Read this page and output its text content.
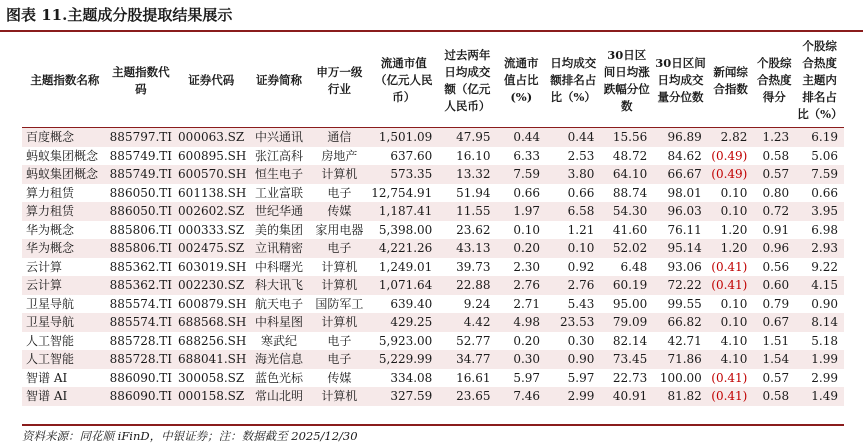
图表 11.主题成分股提取结果展示
主题指数名称	主题指数代码	证券代码	证券简称	申万一级行业	流通市值（亿元人民币）	过去两年日均成交额（亿元人民币）	流通市值占比(%)	日均成交额排名占比（%）	30日区间日均涨跌幅分位数	30日区间日均成交量分位数	新闻综合指数	个股综合热度得分	个股综合热度主题内排名占比（%）
百度概念	885797.TI	000063.SZ	中兴通讯	通信	1,501.09	47.95	0.44	0.44	15.56	96.89	2.82	1.23	6.19
蚂蚁集团概念	885749.TI	600895.SH	张江高科	房地产	637.60	16.10	6.33	2.53	48.72	84.62	(0.49)	0.58	5.06
蚂蚁集团概念	885749.TI	600570.SH	恒生电子	计算机	573.35	13.32	7.59	3.80	64.10	66.67	(0.49)	0.57	7.59
算力租赁	886050.TI	601138.SH	工业富联	电子	12,754.91	51.94	0.66	0.66	88.74	98.01	0.10	0.80	0.66
算力租赁	886050.TI	002602.SZ	世纪华通	传媒	1,187.41	11.55	1.97	6.58	54.30	96.03	0.10	0.72	3.95
华为概念	885806.TI	000333.SZ	美的集团	家用电器	5,398.00	23.62	0.10	1.21	41.60	76.11	1.20	0.91	6.98
华为概念	885806.TI	002475.SZ	立讯精密	电子	4,221.26	43.13	0.20	0.10	52.02	95.14	1.20	0.96	2.93
云计算	885362.TI	603019.SH	中科曙光	计算机	1,249.01	39.73	2.30	0.92	6.48	93.06	(0.41)	0.56	9.22
云计算	885362.TI	002230.SZ	科大讯飞	计算机	1,071.64	22.88	2.76	2.76	60.19	72.22	(0.41)	0.60	4.15
卫星导航	885574.TI	600879.SH	航天电子	国防军工	639.40	9.24	2.71	5.43	95.00	99.55	0.10	0.79	0.90
卫星导航	885574.TI	688568.SH	中科星图	计算机	429.25	4.42	4.98	23.53	79.09	66.82	0.10	0.67	8.14
人工智能	885728.TI	688256.SH	寒武纪	电子	5,923.00	52.77	0.20	0.30	82.14	42.71	4.10	1.51	5.18
人工智能	885728.TI	688041.SH	海光信息	电子	5,229.99	34.77	0.30	0.90	73.45	71.86	4.10	1.54	1.99
智谱 AI	886090.TI	300058.SZ	蓝色光标	传媒	334.08	16.61	5.97	5.97	22.73	100.00	(0.41)	0.57	2.99
智谱 AI	886090.TI	000158.SZ	常山北明	计算机	327.59	23.65	7.46	2.99	40.91	81.82	(0.41)	0.58	1.49
资料来源：同花顺 iFinD，中银证券；注：数据截至 2025/12/30
